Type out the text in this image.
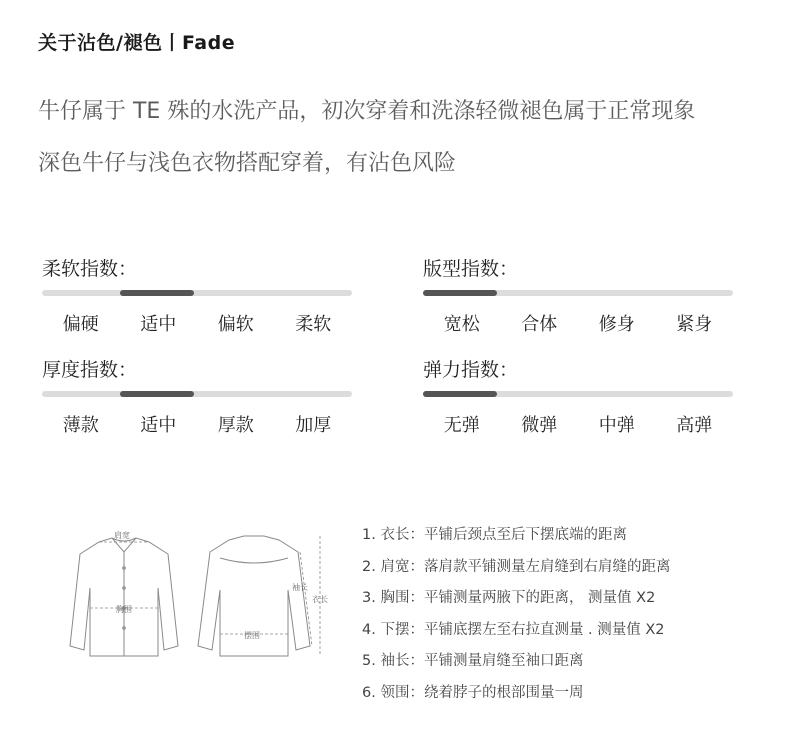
关于沾色/褪色丨Fade
牛仔属于 TE 殊的水洗产品，初次穿着和洗涤轻微褪色属于正常现象
深色牛仔与浅色衣物搭配穿着，有沾色风险
柔软指数：
偏硬	适中	偏软	柔软
版型指数：
宽松	合体	修身	紧身
厚度指数：
薄款	适中	厚款	加厚
弹力指数：
无弹	微弹	中弹	高弹
肩宽
胸围
摆围
袖长
衣长
1. 衣长：平铺后颈点至后下摆底端的距离
2. 肩宽：落肩款平铺测量左肩缝到右肩缝的距离
3. 胸围：平铺测量两腋下的距离， 测量值 X2
4. 下摆：平铺底摆左至右拉直测量 . 测量值 X2
5. 袖长：平铺测量肩缝至袖口距离
6. 领围：绕着脖子的根部围量一周
